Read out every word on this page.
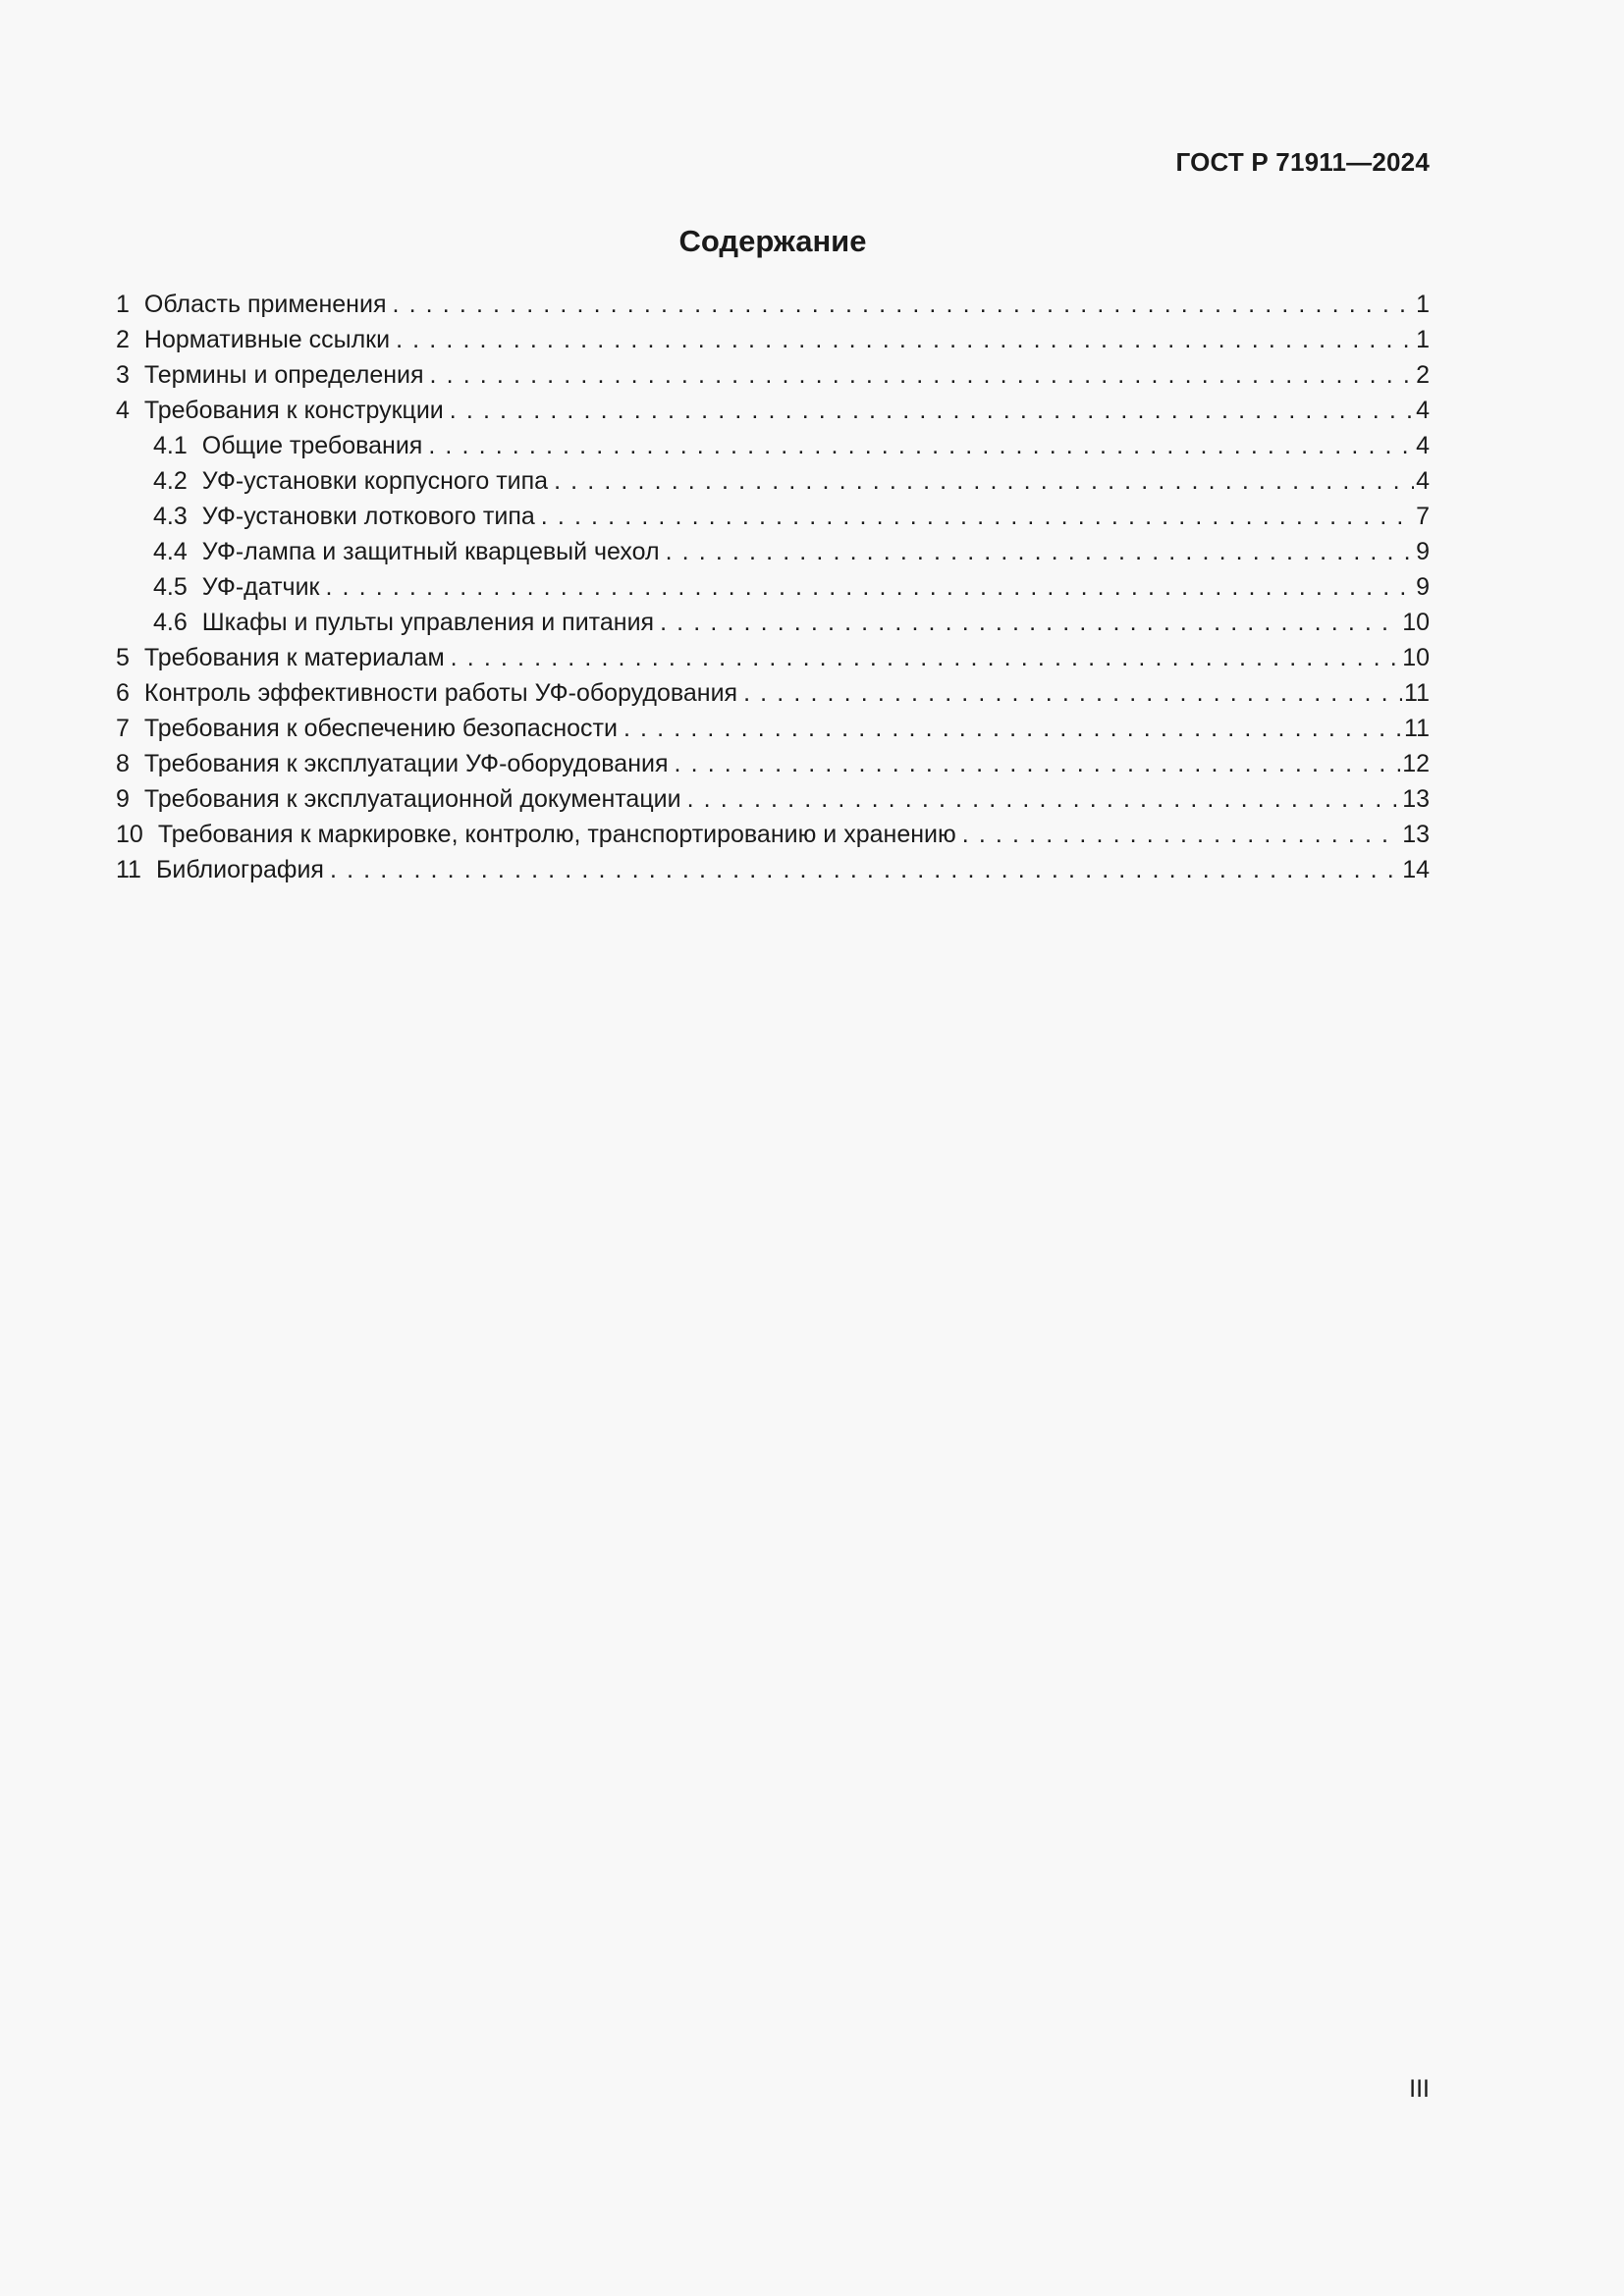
ГОСТ Р 71911—2024
Содержание
1 Область применения . . .	1
2 Нормативные ссылки . . .	1
3 Термины и определения . . .	2
4 Требования к конструкции . . .	4
4.1 Общие требования . . .	4
4.2 УФ-установки корпусного типа . . .	4
4.3 УФ-установки лоткового типа . . .	7
4.4 УФ-лампа и защитный кварцевый чехол . . .	9
4.5 УФ-датчик . . .	9
4.6 Шкафы и пульты управления и питания . . .	10
5 Требования к материалам . . .	10
6 Контроль эффективности работы УФ-оборудования . . .	11
7 Требования к обеспечению безопасности . . .	11
8 Требования к эксплуатации УФ-оборудования . . .	12
9 Требования к эксплуатационной документации . . .	13
10 Требования к маркировке, контролю, транспортированию и хранению . . .	13
11 Библиография . . .	14
III
